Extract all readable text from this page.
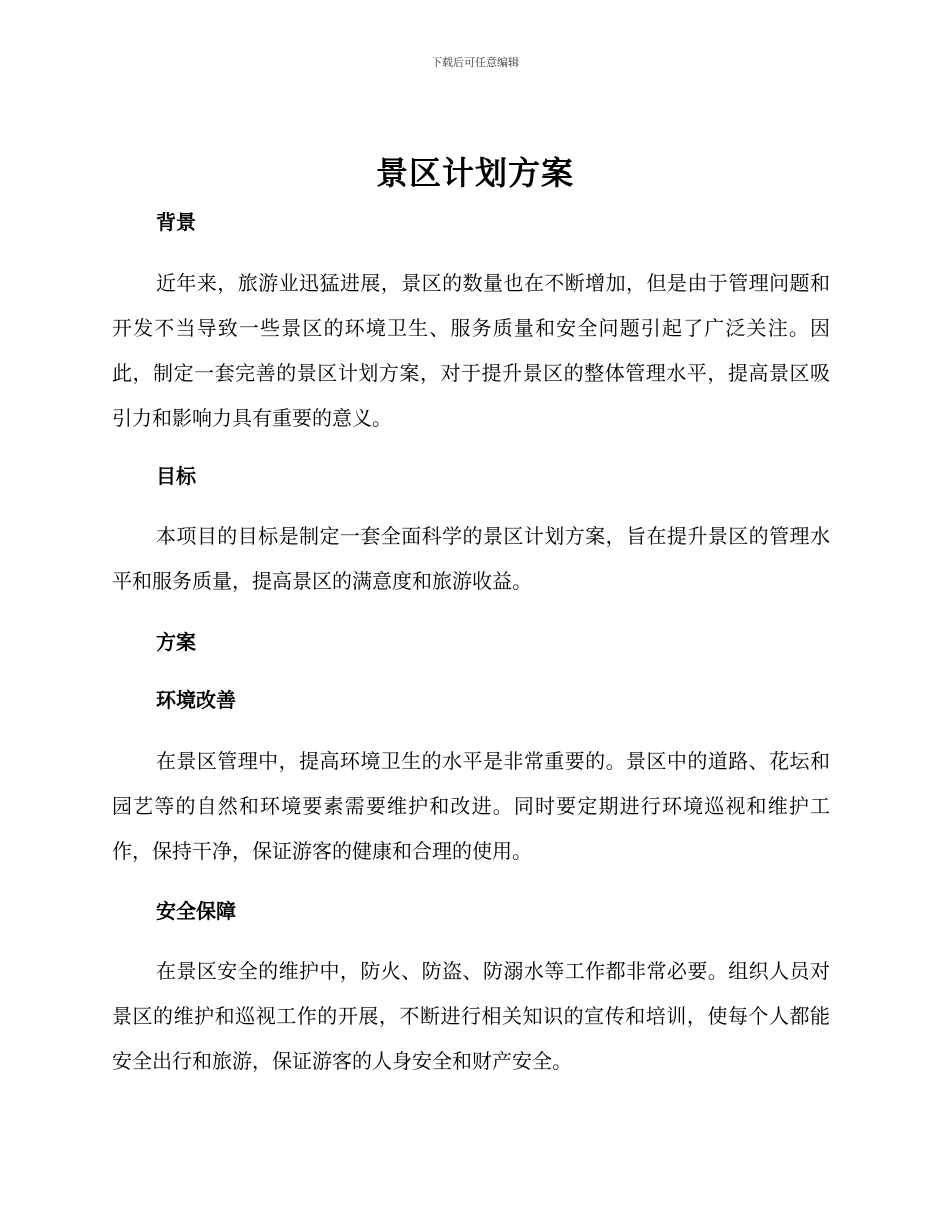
下载后可任意编辑
景区计划方案

背景

近年来，旅游业迅猛进展，景区的数量也在不断增加，但是由于管理问题和开发不当导致一些景区的环境卫生、服务质量和安全问题引起了广泛关注。因此，制定一套完善的景区计划方案，对于提升景区的整体管理水平，提高景区吸引力和影响力具有重要的意义。

目标

本项目的目标是制定一套全面科学的景区计划方案，旨在提升景区的管理水平和服务质量，提高景区的满意度和旅游收益。

方案

环境改善

在景区管理中，提高环境卫生的水平是非常重要的。景区中的道路、花坛和园艺等的自然和环境要素需要维护和改进。同时要定期进行环境巡视和维护工作，保持干净，保证游客的健康和合理的使用。

安全保障

在景区安全的维护中，防火、防盗、防溺水等工作都非常必要。组织人员对景区的维护和巡视工作的开展，不断进行相关知识的宣传和培训，使每个人都能安全出行和旅游，保证游客的人身安全和财产安全。
